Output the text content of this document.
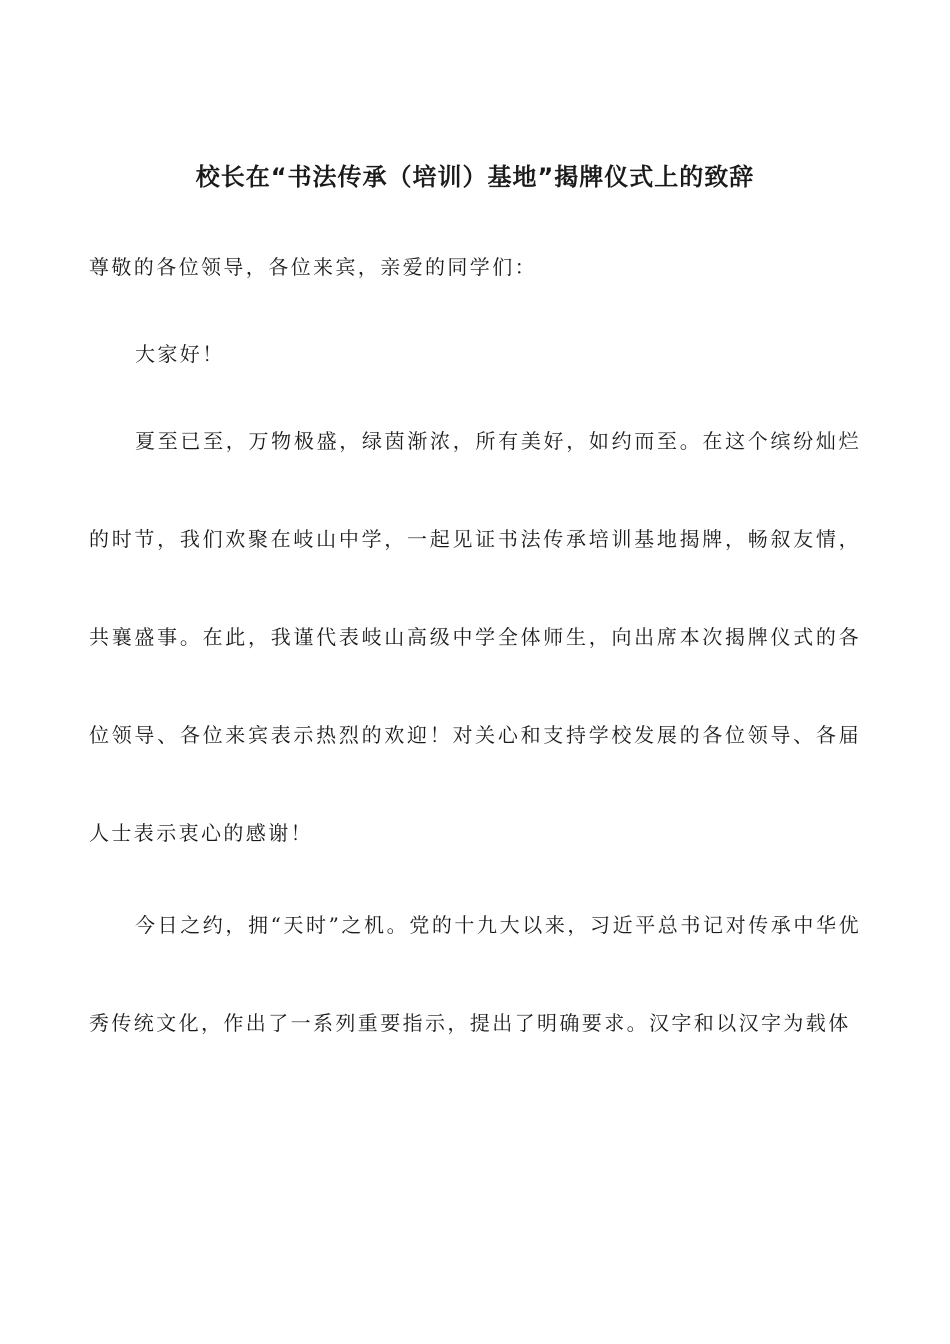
校长在“书法传承（培训）基地”揭牌仪式上的致辞

尊敬的各位领导，各位来宾，亲爱的同学们：

大家好！

夏至已至，万物极盛，绿茵渐浓，所有美好，如约而至。在这个缤纷灿烂的时节，我们欢聚在岐山中学，一起见证书法传承培训基地揭牌，畅叙友情，共襄盛事。在此，我谨代表岐山高级中学全体师生，向出席本次揭牌仪式的各位领导、各位来宾表示热烈的欢迎！对关心和支持学校发展的各位领导、各届人士表示衷心的感谢！

今日之约，拥“天时”之机。党的十九大以来，习近平总书记对传承中华优秀传统文化，作出了一系列重要指示，提出了明确要求。汉字和以汉字为载体
